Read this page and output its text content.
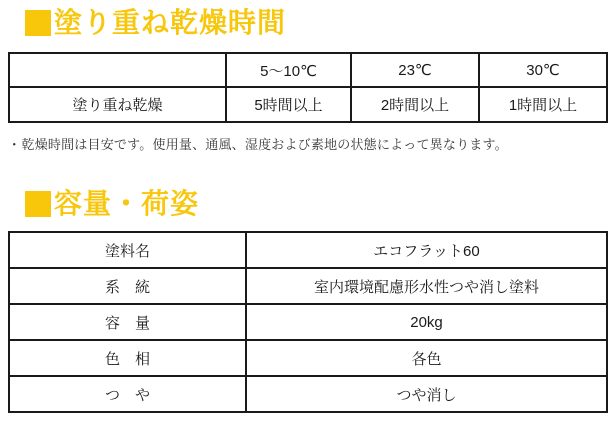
塗り重ね乾燥時間
	5～10℃	23℃	30℃
塗り重ね乾燥	5時間以上	2時間以上	1時間以上
･ 乾燥時間は目安です。使用量、通風、湿度および素地の状態によって異なります。
容量・荷姿
塗料名	エコフラット60
系　統	室内環境配慮形水性つや消し塗料
容　量	20kg
色　相	各色
つ　や	つや消し
